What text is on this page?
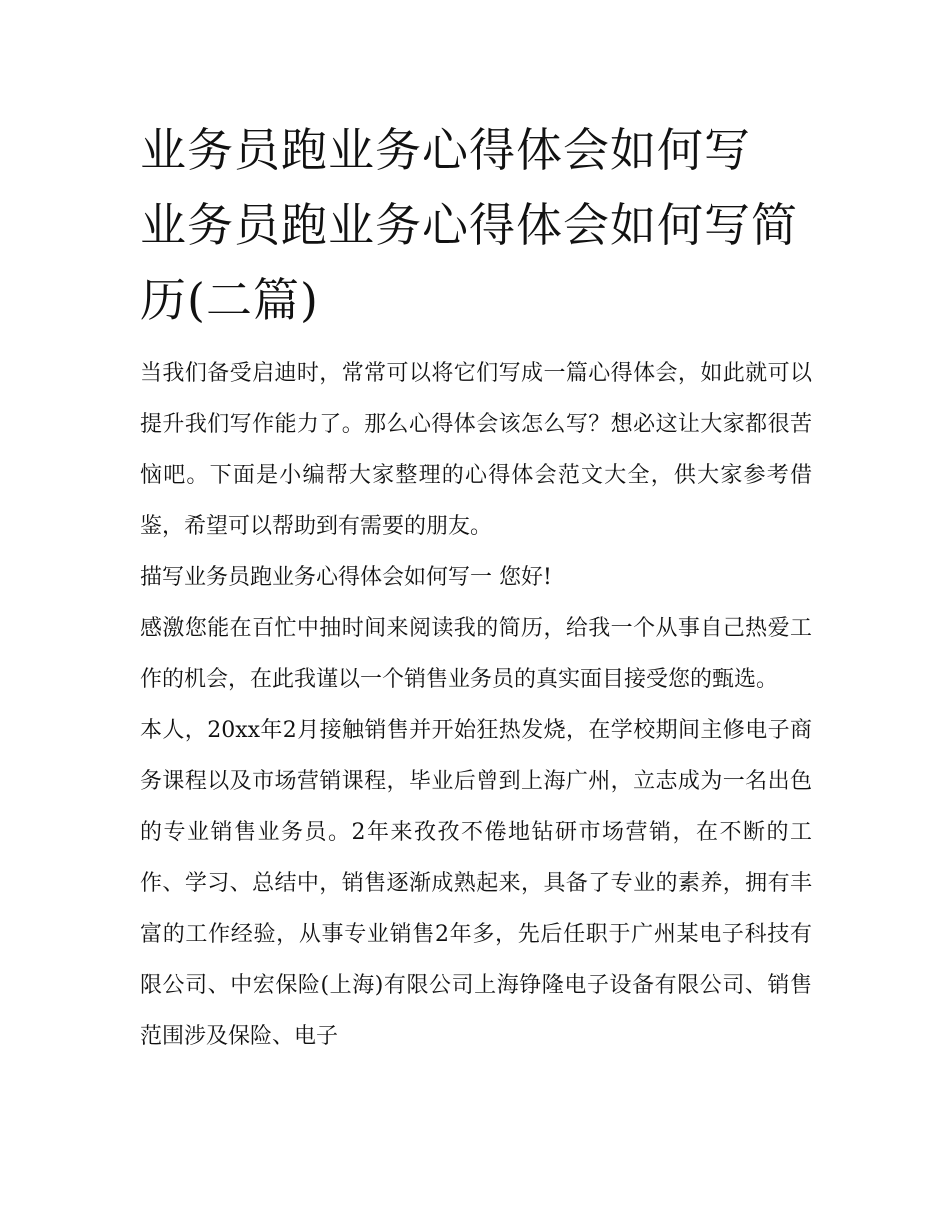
业务员跑业务心得体会如何写 业务员跑业务心得体会如何写简历(二篇)

当我们备受启迪时，常常可以将它们写成一篇心得体会，如此就可以提升我们写作能力了。那么心得体会该怎么写？想必这让大家都很苦恼吧。下面是小编帮大家整理的心得体会范文大全，供大家参考借鉴，希望可以帮助到有需要的朋友。

描写业务员跑业务心得体会如何写一 您好!

感激您能在百忙中抽时间来阅读我的简历，给我一个从事自己热爱工作的机会，在此我谨以一个销售业务员的真实面目接受您的甄选。

本人，20xx年2月接触销售并开始狂热发烧，在学校期间主修电子商务课程以及市场营销课程，毕业后曾到上海广州，立志成为一名出色的专业销售业务员。2年来孜孜不倦地钻研市场营销，在不断的工作、学习、总结中，销售逐渐成熟起来，具备了专业的素养，拥有丰富的工作经验，从事专业销售2年多，先后任职于广州某电子科技有限公司、中宏保险(上海)有限公司上海铮隆电子设备有限公司、销售范围涉及保险、电子
